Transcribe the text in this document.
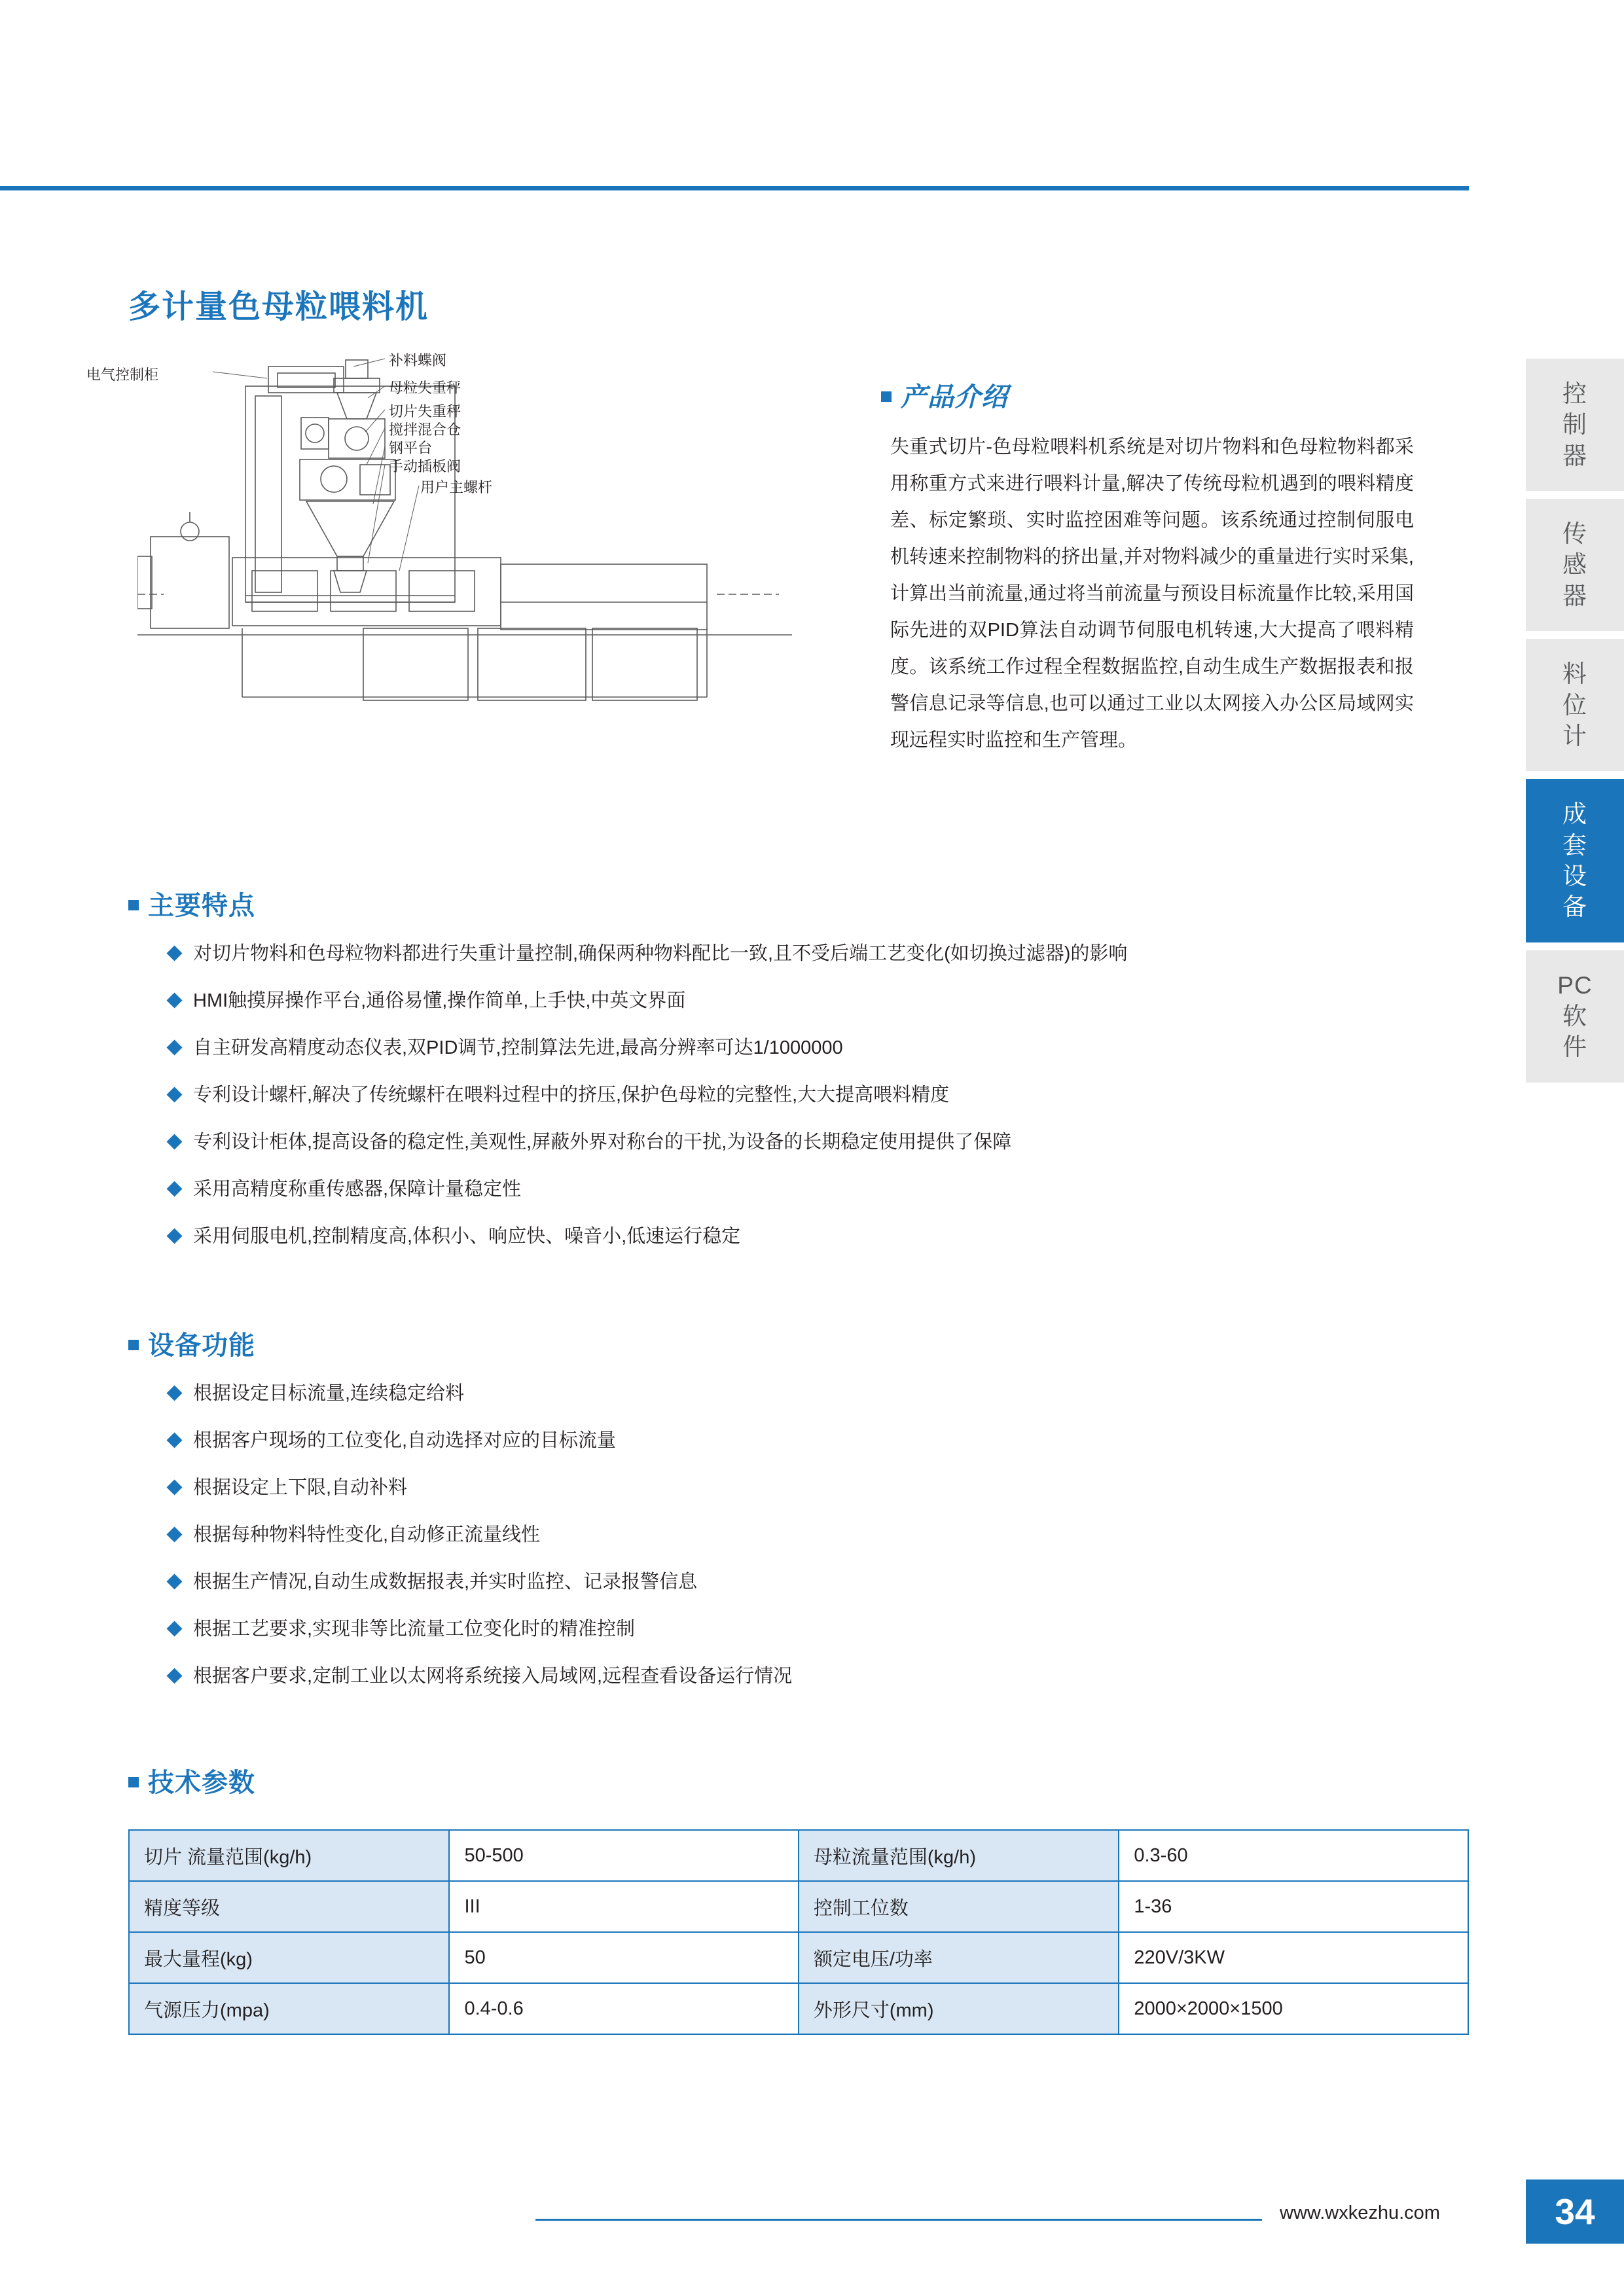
多计量色母粒喂料机
控
制
器
传
感
器
料
位
计
成
套
设
备
PC
软
件
电气控制柜
补料蝶阀
母粒失重秤
切片失重秤
搅拌混合仓
钢平台
手动插板阀
用户主螺杆
产品介绍
失重式切片-色母粒喂料机系统是对切片物料和色母粒物料都采用称重方式来进行喂料计量,解决了传统母粒机遇到的喂料精度差、标定繁琐、实时监控困难等问题。该系统通过控制伺服电机转速来控制物料的挤出量,并对物料减少的重量进行实时采集,计算出当前流量,通过将当前流量与预设目标流量作比较,采用国际先进的双PID算法自动调节伺服电机转速,大大提高了喂料精度。该系统工作过程全程数据监控,自动生成生产数据报表和报警信息记录等信息,也可以通过工业以太网接入办公区局域网实现远程实时监控和生产管理。
主要特点
对切片物料和色母粒物料都进行失重计量控制,确保两种物料配比一致,且不受后端工艺变化(如切换过滤器)的影响
HMI触摸屏操作平台,通俗易懂,操作简单,上手快,中英文界面
自主研发高精度动态仪表,双PID调节,控制算法先进,最高分辨率可达1/1000000
专利设计螺杆,解决了传统螺杆在喂料过程中的挤压,保护色母粒的完整性,大大提高喂料精度
专利设计柜体,提高设备的稳定性,美观性,屏蔽外界对称台的干扰,为设备的长期稳定使用提供了保障
采用高精度称重传感器,保障计量稳定性
采用伺服电机,控制精度高,体积小、响应快、噪音小,低速运行稳定
设备功能
根据设定目标流量,连续稳定给料
根据客户现场的工位变化,自动选择对应的目标流量
根据设定上下限,自动补料
根据每种物料特性变化,自动修正流量线性
根据生产情况,自动生成数据报表,并实时监控、记录报警信息
根据工艺要求,实现非等比流量工位变化时的精准控制
根据客户要求,定制工业以太网将系统接入局域网,远程查看设备运行情况
技术参数
切片 流量范围(kg/h)	50-500	母粒流量范围(kg/h)	0.3-60
精度等级	III	控制工位数	1-36
最大量程(kg)	50	额定电压/功率	220V/3KW
气源压力(mpa)	0.4-0.6	外形尺寸(mm)	2000×2000×1500
www.wxkezhu.com	34
